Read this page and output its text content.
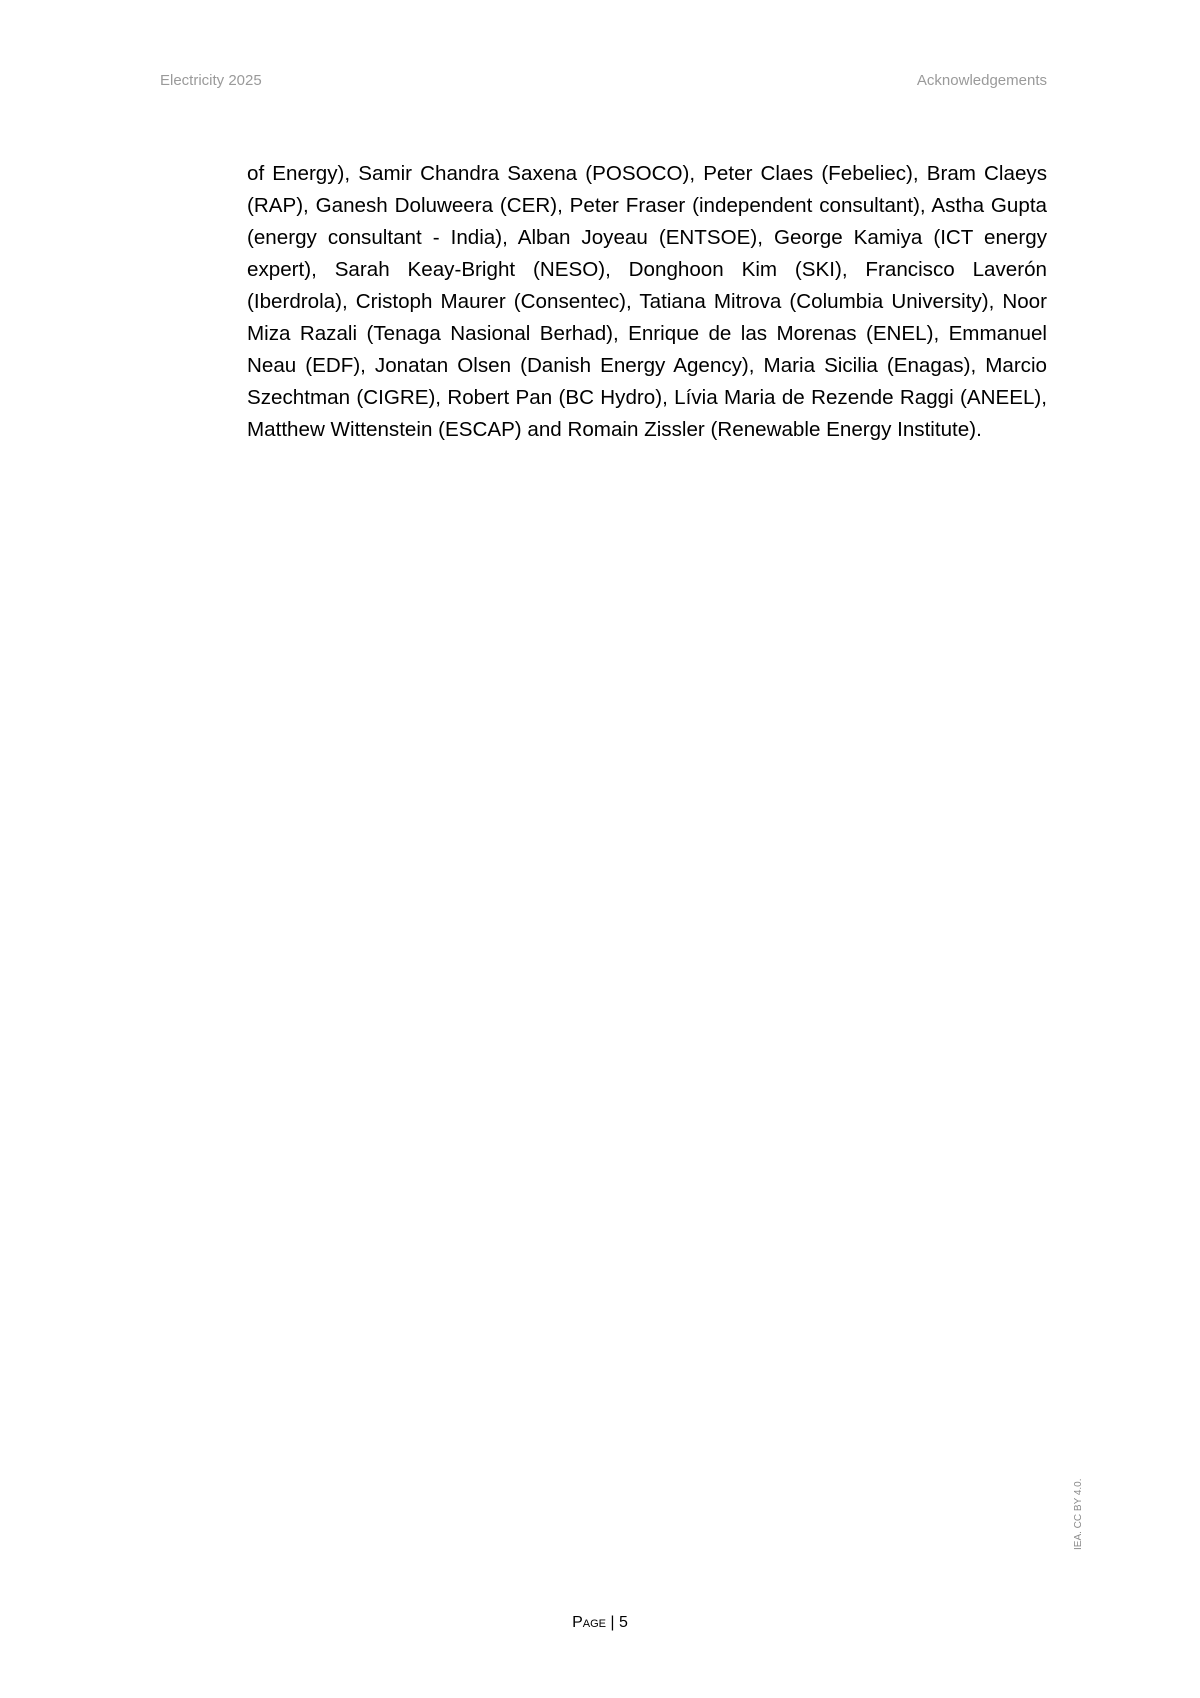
Electricity 2025	Acknowledgements

of Energy), Samir Chandra Saxena (POSOCO), Peter Claes (Febeliec), Bram Claeys (RAP), Ganesh Doluweera (CER), Peter Fraser (independent consultant), Astha Gupta (energy consultant - India), Alban Joyeau (ENTSOE), George Kamiya (ICT energy expert), Sarah Keay-Bright (NESO), Donghoon Kim (SKI), Francisco Laverón (Iberdrola), Cristoph Maurer (Consentec), Tatiana Mitrova (Columbia University), Noor Miza Razali (Tenaga Nasional Berhad), Enrique de las Morenas (ENEL), Emmanuel Neau (EDF), Jonatan Olsen (Danish Energy Agency), Maria Sicilia (Enagas), Marcio Szechtman (CIGRE), Robert Pan (BC Hydro), Lívia Maria de Rezende Raggi (ANEEL), Matthew Wittenstein (ESCAP) and Romain Zissler (Renewable Energy Institute).

Page | 5
IEA. CC BY 4.0.
